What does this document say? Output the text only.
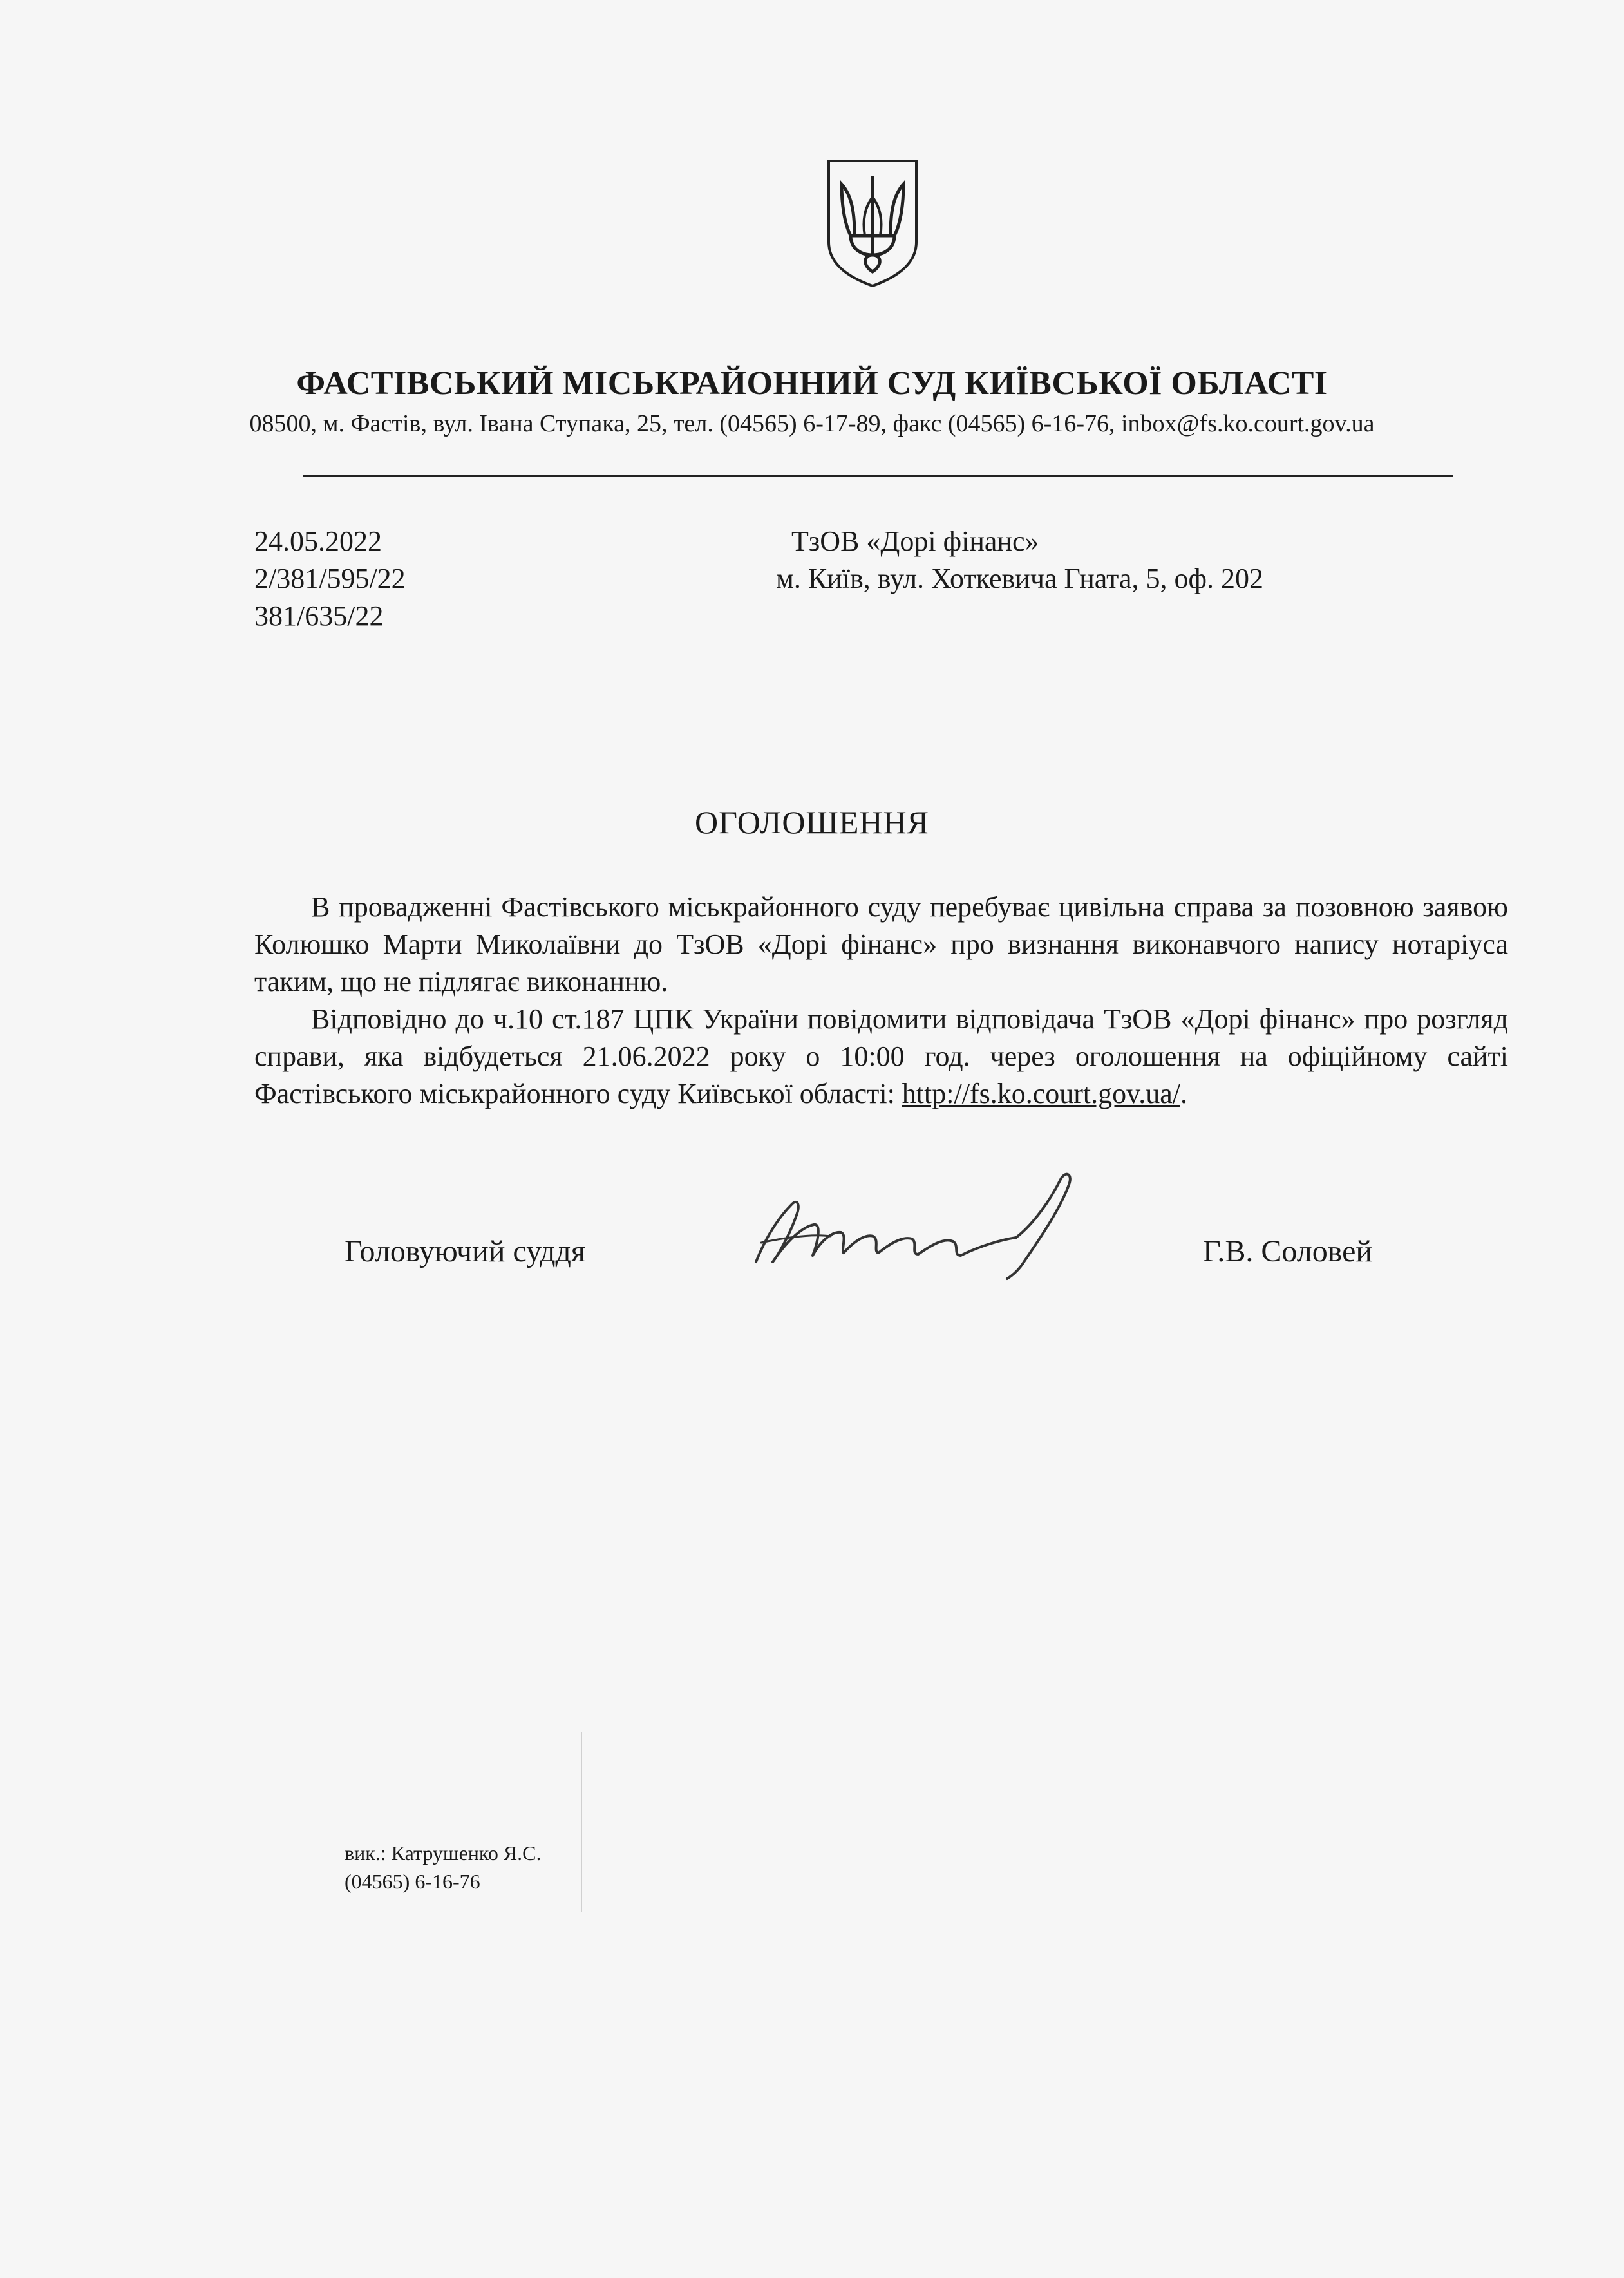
ФАСТІВСЬКИЙ МІСЬКРАЙОННИЙ СУД КИЇВСЬКОЇ ОБЛАСТІ
08500, м. Фастів, вул. Івана Ступака, 25, тел. (04565) 6-17-89, факс (04565) 6-16-76, inbox@fs.ko.court.gov.ua
24.05.2022
2/381/595/22
381/635/22
ТзОВ «Дорі фінанс»
м. Київ, вул. Хоткевича Гната, 5, оф. 202
ОГОЛОШЕННЯ

В провадженні Фастівського міськрайонного суду перебуває цивільна справа за позовною заявою Колюшко Марти Миколаївни до ТзОВ «Дорі фінанс» про визнання виконавчого напису нотаріуса таким, що не підлягає виконанню.

Відповідно до ч.10 ст.187 ЦПК України повідомити відповідача ТзОВ «Дорі фінанс» про розгляд справи, яка відбудеться 21.06.2022 року о 10:00 год. через оголошення на офіційному сайті Фастівського міськрайонного суду Київської області: http://fs.ko.court.gov.ua/.

Головуючий суддя	Г.В. Соловей
вик.: Катрушенко Я.С.
(04565) 6-16-76
